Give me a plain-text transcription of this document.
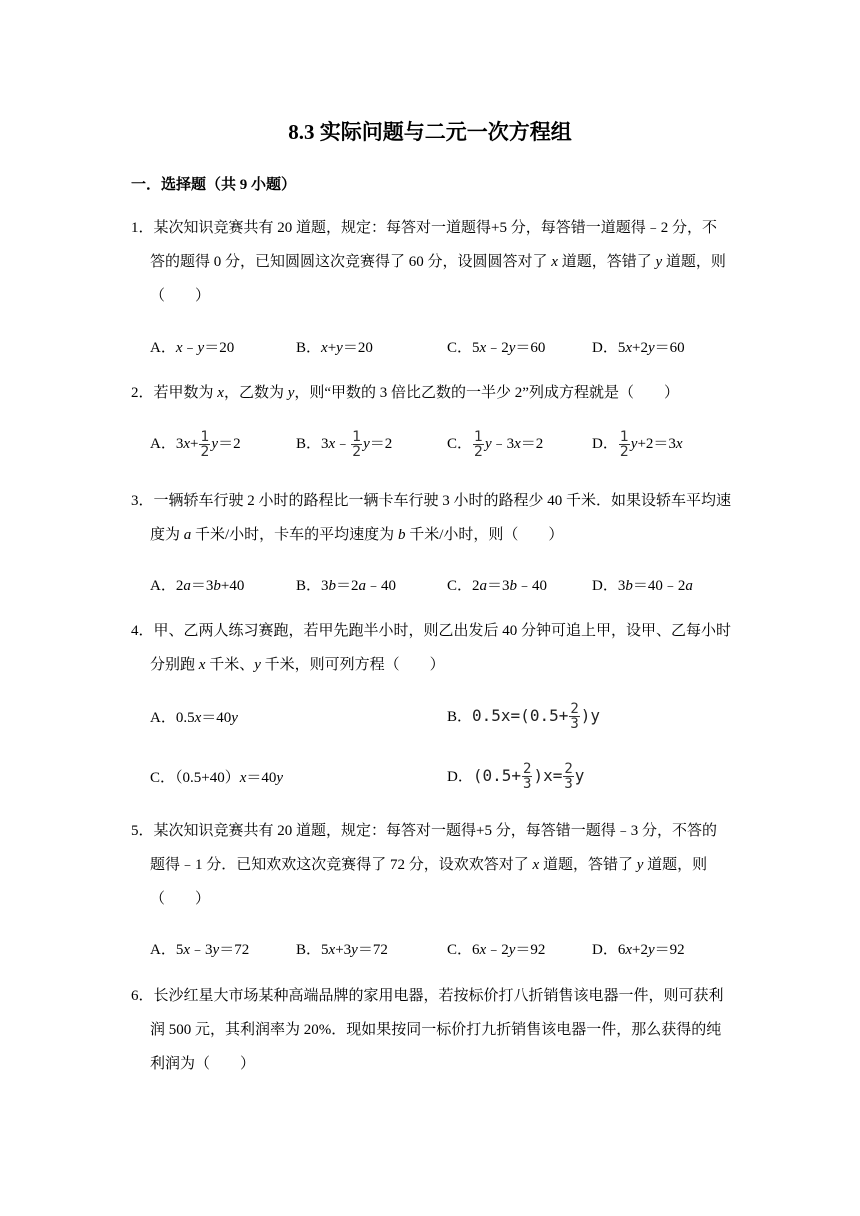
8.3 实际问题与二元一次方程组
一．选择题（共 9 小题）
1．某次知识竞赛共有 20 道题，规定：每答对一道题得+5 分，每答错一道题得﹣2 分，不
答的题得 0 分，已知圆圆这次竞赛得了 60 分，设圆圆答对了 x 道题，答错了 y 道题，则
（　　）
A．x﹣y＝20	B．x+y＝20	C．5x﹣2y＝60	D．5x+2y＝60
2．若甲数为 x，乙数为 y，则“甲数的 3 倍比乙数的一半少 2”列成方程就是（　　）
A．$3x+ \frac{1}{2} y=2$	B．3x﹣ $\frac{1}{2} y=2$	C． $\frac{1}{2}$ y﹣3x＝2	D． $\frac{1}{2} y+2=3x$
3．一辆轿车行驶 2 小时的路程比一辆卡车行驶 3 小时的路程少 40 千米．如果设轿车平均速
度为 a 千米/小时，卡车的平均速度为 b 千米/小时，则（　　）
A．2a＝3b+40	B．3b＝2a﹣40	C．2a＝3b﹣40	D．3b＝40﹣2a
4．甲、乙两人练习赛跑，若甲先跑半小时，则乙出发后 40 分钟可追上甲，设甲、乙每小时
分别跑 x 千米、y 千米，则可列方程（　　）
A．0.5x＝40y	B．$0.5x=(0.5+ \frac{2}{3} )y$
C．（0.5+40）x＝40y	D．$(0.5+ \frac{2}{3} )x= \frac{2}{3}$ y
5．某次知识竞赛共有 20 道题，规定：每答对一题得+5 分，每答错一题得﹣3 分，不答的
题得﹣1 分．已知欢欢这次竞赛得了 72 分，设欢欢答对了 x 道题，答错了 y 道题，则
（　　）
A．5x﹣3y＝72	B．5x+3y＝72	C．6x﹣2y＝92	D．6x+2y＝92
6．长沙红星大市场某种高端品牌的家用电器，若按标价打八折销售该电器一件，则可获利
润 500 元，其利润率为 20%．现如果按同一标价打九折销售该电器一件，那么获得的纯
利润为（　　）
